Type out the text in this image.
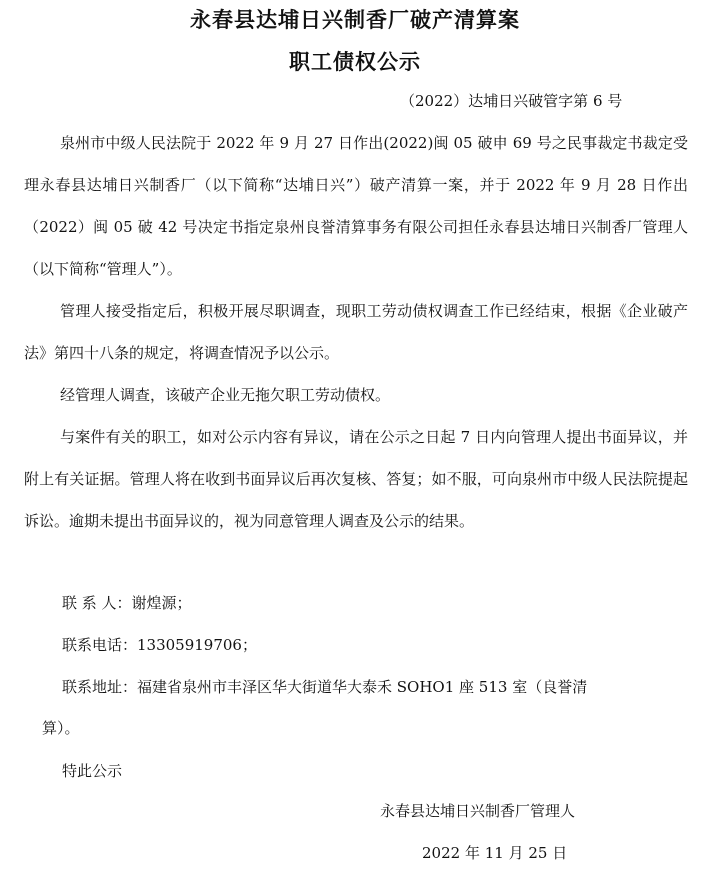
永春县达埔日兴制香厂破产清算案
职工债权公示
（2022）达埔日兴破管字第 6 号

泉州市中级人民法院于 2022 年 9 月 27 日作出(2022)闽 05 破申 69 号之民事裁定书裁定受理永春县达埔日兴制香厂（以下简称“达埔日兴”）破产清算一案，并于 2022 年 9 月 28 日作出（2022）闽 05 破 42 号决定书指定泉州良誉清算事务有限公司担任永春县达埔日兴制香厂管理人（以下简称“管理人”）。

管理人接受指定后，积极开展尽职调查，现职工劳动债权调查工作已经结束，根据《企业破产法》第四十八条的规定，将调查情况予以公示。

经管理人调查，该破产企业无拖欠职工劳动债权。

与案件有关的职工，如对公示内容有异议，请在公示之日起 7 日内向管理人提出书面异议，并附上有关证据。管理人将在收到书面异议后再次复核、答复；如不服，可向泉州市中级人民法院提起诉讼。逾期未提出书面异议的，视为同意管理人调查及公示的结果。

联 系 人：谢煌源；
联系电话：13305919706；
联系地址：福建省泉州市丰泽区华大街道华大泰禾 SOHO1 座 513 室（良誉清
算）。
特此公示
永春县达埔日兴制香厂管理人
2022 年 11 月 25 日
